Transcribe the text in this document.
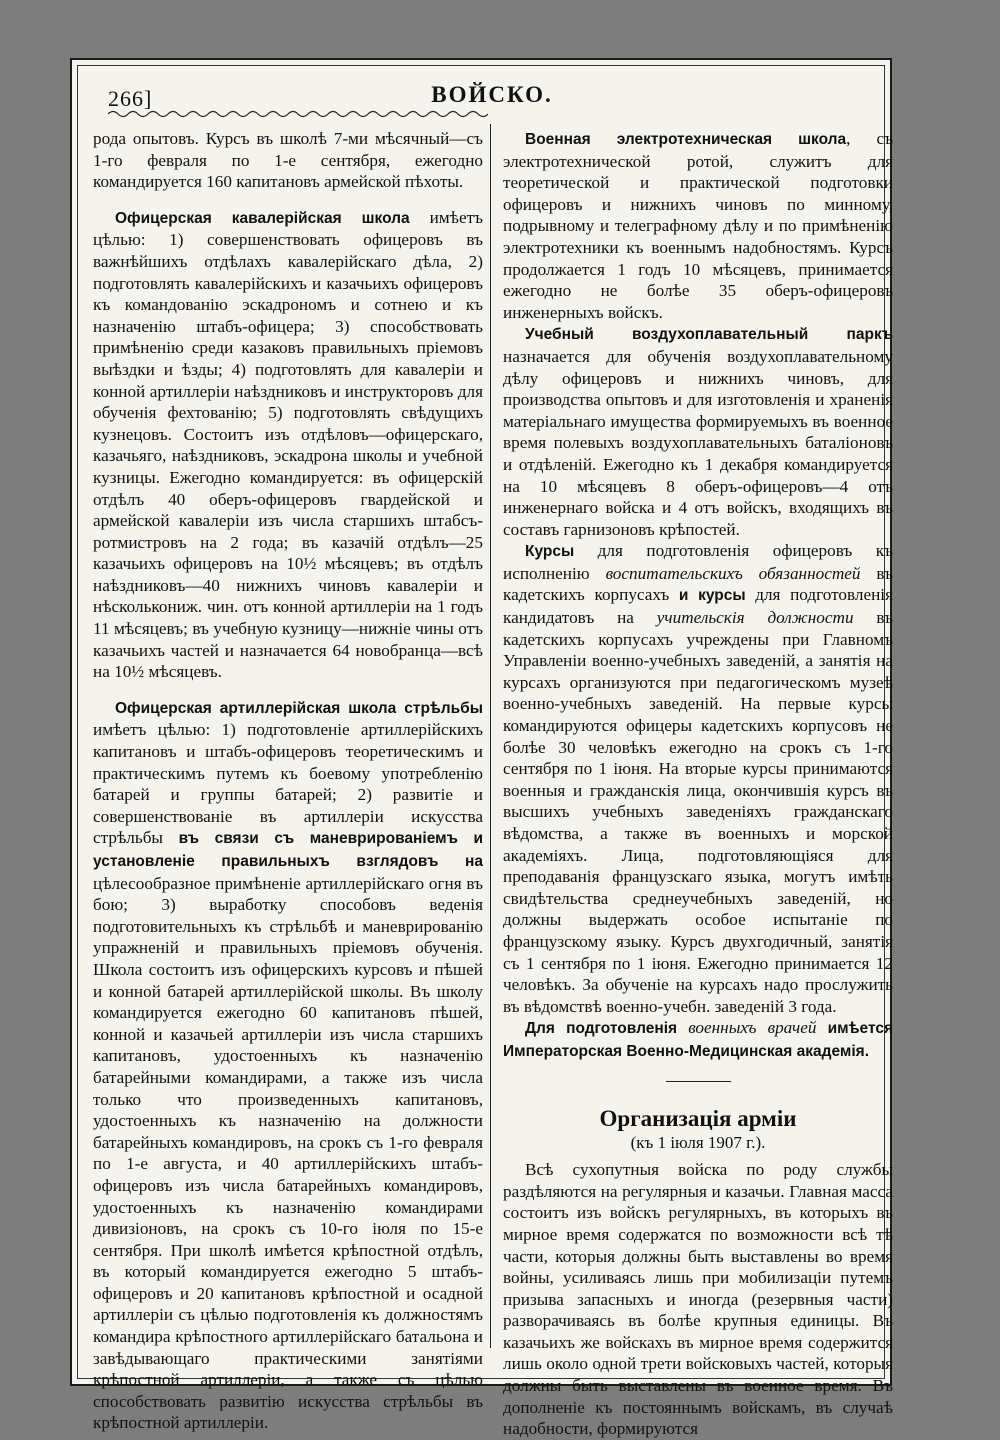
266]	ВОЙСКО.

рода опытовъ. Курсъ въ школѣ 7-ми мѣсячный—съ 1-го февраля по 1-е сентября, ежегодно командируется 160 капитановъ армейской пѣхоты.

Офицерская кавалерійская школа имѣетъ цѣлью: 1) совершенствовать офицеровъ въ важнѣйшихъ отдѣлахъ кавалерійскаго дѣла, 2) подготовлять кавалерійскихъ и казачьихъ офицеровъ къ командованію эскадрономъ и сотнею и къ назначенію штабъ-офицера; 3) способствовать примѣненію среди казаковъ правильныхъ пріемовъ выѣздки и ѣзды; 4) подготовлять для кавалеріи и конной артиллеріи наѣздниковъ и инструкторовъ для обученія фехтованію; 5) подготовлять свѣдущихъ кузнецовъ. Состоитъ изъ отдѣловъ—офицерскаго, казачьяго, наѣздниковъ, эскадрона школы и учебной кузницы. Ежегодно командируется: въ офицерскій отдѣлъ 40 оберъ-офицеровъ гвардейской и армейской кавалеріи изъ числа старшихъ штабсъ-ротмистровъ на 2 года; въ казачій отдѣлъ—25 казачьихъ офицеровъ на 10½ мѣсяцевъ; въ отдѣлъ наѣздниковъ—40 нижнихъ чиновъ кавалеріи и нѣсколькониж. чин. отъ конной артиллеріи на 1 годъ 11 мѣсяцевъ; въ учебную кузницу—нижніе чины отъ казачьихъ частей и назначается 64 новобранца—всѣ на 10½ мѣсяцевъ.

Офицерская артиллерійская школа стрѣльбы имѣетъ цѣлью: 1) подготовленіе артиллерійскихъ капитановъ и штабъ-офицеровъ теоретическимъ и практическимъ путемъ къ боевому употребленію батарей и группы батарей; 2) развитіе и совершенствованіе въ артиллеріи искусства стрѣльбы въ связи съ маневрированіемъ и установленіе правильныхъ взглядовъ на цѣлесообразное примѣненіе артиллерійскаго огня въ бою; 3) выработку способовъ веденія подготовительныхъ къ стрѣльбѣ и маневрированію упражненій и правильныхъ пріемовъ обученія. Школа состоитъ изъ офицерскихъ курсовъ и пѣшей и конной батарей артиллерійской школы. Въ школу командируется ежегодно 60 капитановъ пѣшей, конной и казачьей артиллеріи изъ числа старшихъ капитановъ, удостоенныхъ къ назначенію батарейными командирами, а также изъ числа только что произведенныхъ капитановъ, удостоенныхъ къ назначенію на должности батарейныхъ командировъ, на срокъ съ 1-го февраля по 1-е августа, и 40 артиллерійскихъ штабъ-офицеровъ изъ числа батарейныхъ командировъ, удостоенныхъ къ назначенію командирами дивизіоновъ, на срокъ съ 10-го іюля по 15-е сентября. При школѣ имѣется крѣпостной отдѣлъ, въ который командируется ежегодно 5 штабъ-офицеровъ и 20 капитановъ крѣпостной и осадной артиллеріи съ цѣлью подготовленія къ должностямъ командира крѣпостного артиллерійскаго батальона и завѣдывающаго практическими занятіями крѣпостной артиллеріи, а также съ цѣлью способствовать развитію искусства стрѣльбы въ крѣпостной артиллеріи.

Военная электротехническая школа, съ электротехнической ротой, служитъ для теоретической и практической подготовки офицеровъ и нижнихъ чиновъ по минному, подрывному и телеграфному дѣлу и по примѣненію электротехники къ военнымъ надобностямъ. Курсъ продолжается 1 годъ 10 мѣсяцевъ, принимается ежегодно не болѣе 35 оберъ-офицеровъ инженерныхъ войскъ.

Учебный воздухоплавательный паркъ назначается для обученія воздухоплавательному дѣлу офицеровъ и нижнихъ чиновъ, для производства опытовъ и для изготовленія и храненія матеріальнаго имущества формируемыхъ въ военное время полевыхъ воздухоплавательныхъ баталіоновъ и отдѣленій. Ежегодно къ 1 декабря командируется на 10 мѣсяцевъ 8 оберъ-офицеровъ—4 отъ инженернаго войска и 4 отъ войскъ, входящихъ въ составъ гарнизоновъ крѣпостей.

Курсы для подготовленія офицеровъ къ исполненію воспитательскихъ обязанностей въ кадетскихъ корпусахъ и курсы для подготовленія кандидатовъ на учительскія должности въ кадетскихъ корпусахъ учреждены при Главномъ Управленіи военно-учебныхъ заведеній, а занятія на курсахъ организуются при педагогическомъ музеѣ военно-учебныхъ заведеній. На первые курсы командируются офицеры кадетскихъ корпусовъ не болѣе 30 человѣкъ ежегодно на срокъ съ 1-го сентября по 1 іюня. На вторые курсы принимаются военныя и гражданскія лица, окончившія курсъ въ высшихъ учебныхъ заведеніяхъ гражданскаго вѣдомства, а также въ военныхъ и морской академіяхъ. Лица, подготовляющіяся для преподаванія французскаго языка, могутъ имѣть свидѣтельства среднеучебныхъ заведеній, но должны выдержать особое испытаніе по французскому языку. Курсъ двухгодичный, занятія съ 1 сентября по 1 іюня. Ежегодно принимается 12 человѣкъ. За обученіе на курсахъ надо прослужить въ вѣдомствѣ военно-учебн. заведеній 3 года.

Для подготовленія военныхъ врачей имѣется Императорская Военно-Медицинская академія.

Организація арміи
(къ 1 іюля 1907 г.).

Всѣ сухопутныя войска по роду службы раздѣляются на регулярныя и казачьи. Главная масса состоитъ изъ войскъ регулярныхъ, въ которыхъ въ мирное время содержатся по возможности всѣ тѣ части, которыя должны быть выставлены во время войны, усиливаясь лишь при мобилизаціи путемъ призыва запасныхъ и иногда (резервныя части) разворачиваясь въ болѣе крупныя единицы. Въ казачьихъ же войскахъ въ мирное время содержится лишь около одной трети войсковыхъ частей, которыя должны быть выставлены въ военное время. Въ дополненіе къ постояннымъ войскамъ, въ случаѣ надобности, формируются
